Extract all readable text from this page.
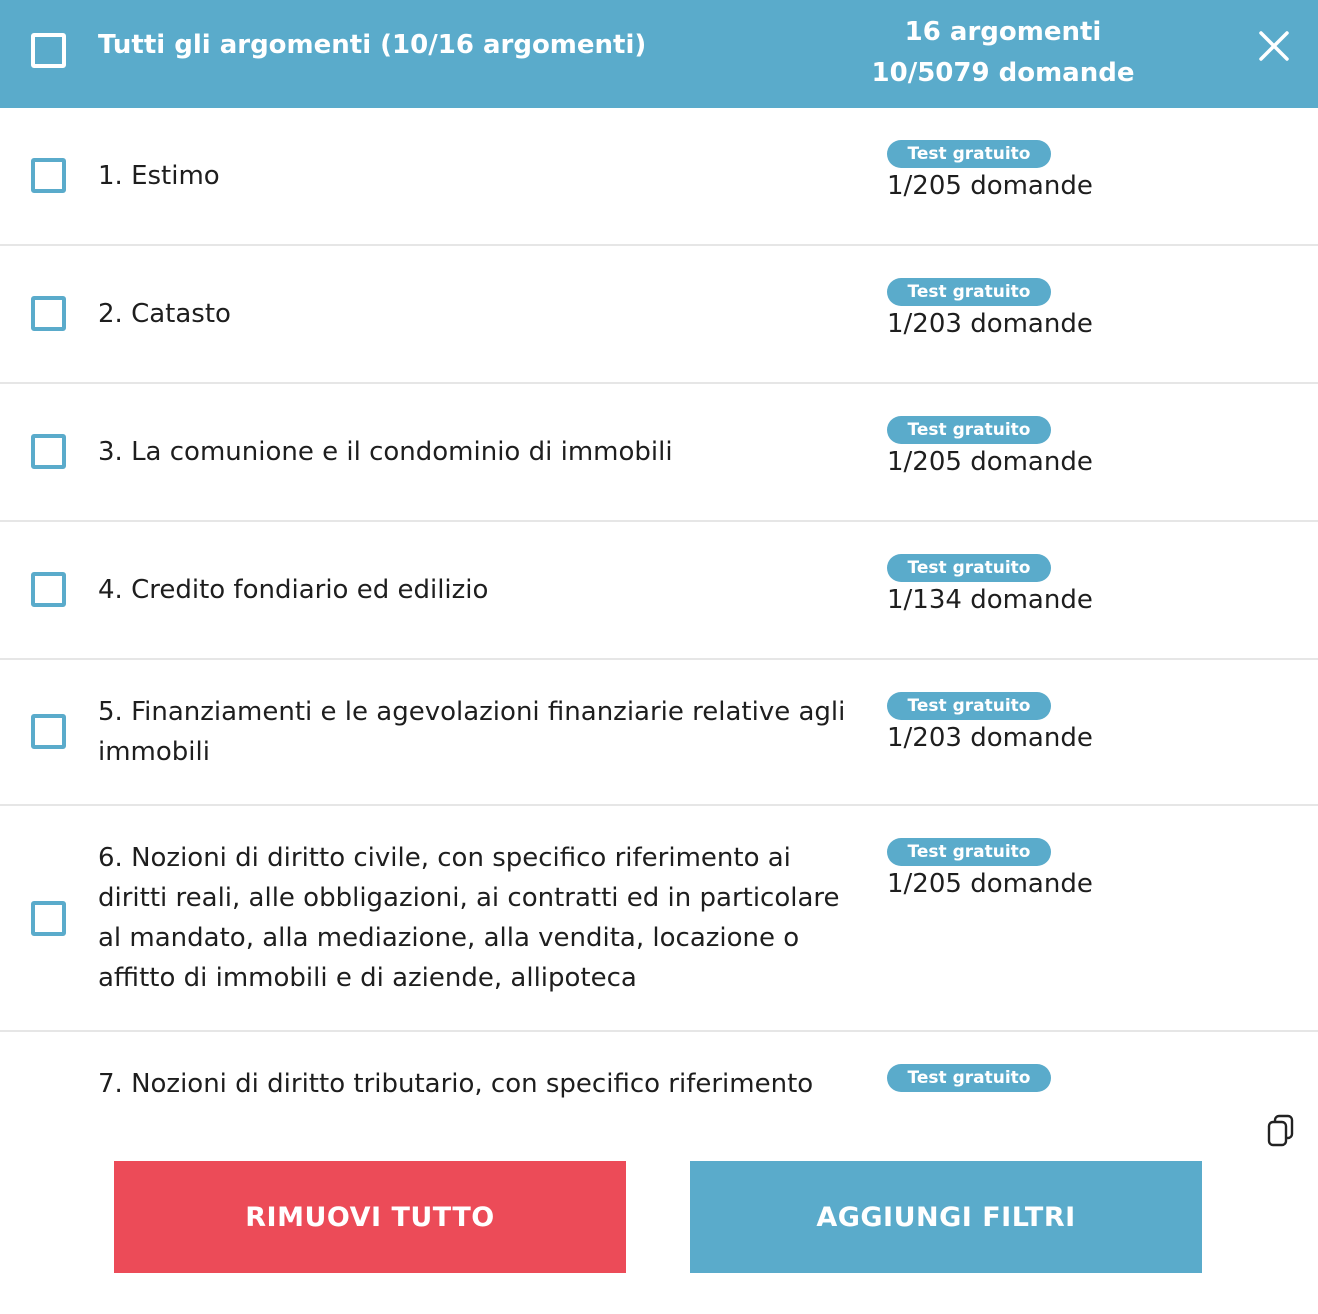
Tutti gli argomenti (10/16 argomenti)	16 argomenti
10/5079 domande
1. Estimo
Test gratuito
1/205 domande
2. Catasto
Test gratuito
1/203 domande
3. La comunione e il condominio di immobili
Test gratuito
1/205 domande
4. Credito fondiario ed edilizio
Test gratuito
1/134 domande
5. Finanziamenti e le agevolazioni finanziarie relative agli immobili
Test gratuito
1/203 domande
6. Nozioni di diritto civile, con specifico riferimento ai diritti reali, alle obbligazioni, ai contratti ed in particolare al mandato, alla mediazione, alla vendita, locazione o affitto di immobili e di aziende, allipoteca
Test gratuito
1/205 domande
7. Nozioni di diritto tributario, con specifico riferimento	Test gratuito
RIMUOVI TUTTO	AGGIUNGI FILTRI
